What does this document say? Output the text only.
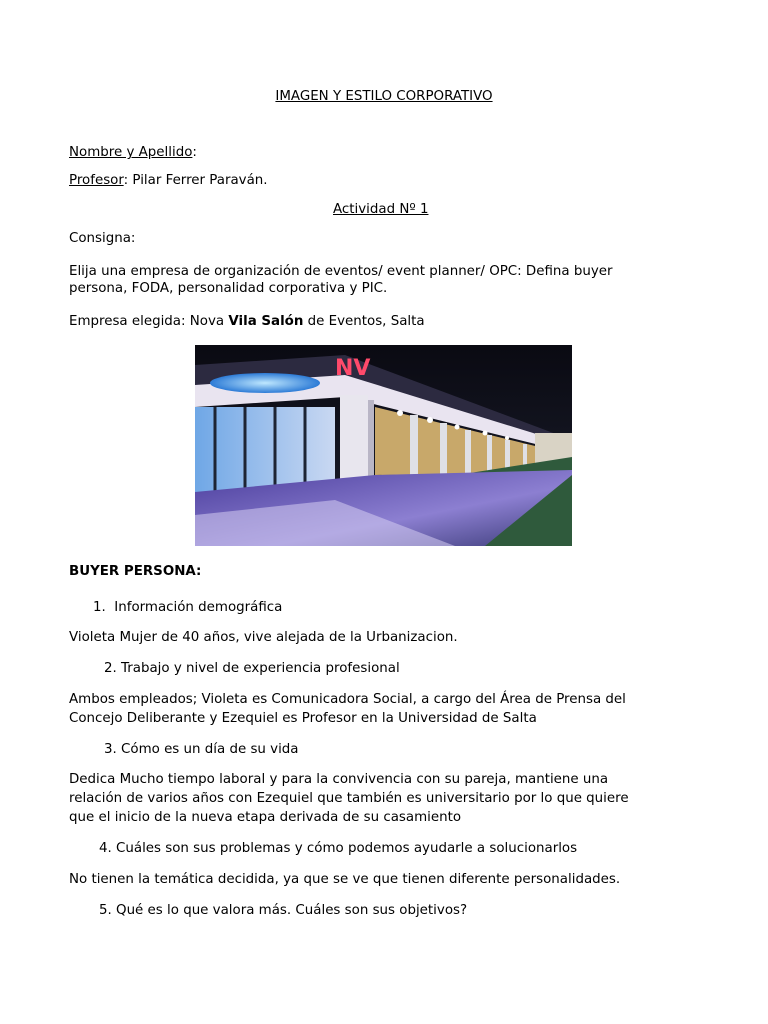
IMAGEN Y ESTILO CORPORATIVO
Nombre y Apellido:
Profesor: Pilar Ferrer Paraván.
Actividad Nº 1
Consigna:
Elija una empresa de organización de eventos/ event planner/ OPC: Defina buyer
persona, FODA, personalidad corporativa y PIC.
Empresa elegida: Nova Vila Salón de Eventos, Salta
NV
BUYER PERSONA:
1. Información demográfica
Violeta Mujer de 40 años, vive alejada de la Urbanizacion.
2. Trabajo y nivel de experiencia profesional
Ambos empleados; Violeta es Comunicadora Social, a cargo del Área de Prensa del
Concejo Deliberante y Ezequiel es Profesor en la Universidad de Salta
3. Cómo es un día de su vida
Dedica Mucho tiempo laboral y para la convivencia con su pareja, mantiene una
relación de varios años con Ezequiel que también es universitario por lo que quiere
que el inicio de la nueva etapa derivada de su casamiento
4. Cuáles son sus problemas y cómo podemos ayudarle a solucionarlos
No tienen la temática decidida, ya que se ve que tienen diferente personalidades.
5. Qué es lo que valora más. Cuáles son sus objetivos?
